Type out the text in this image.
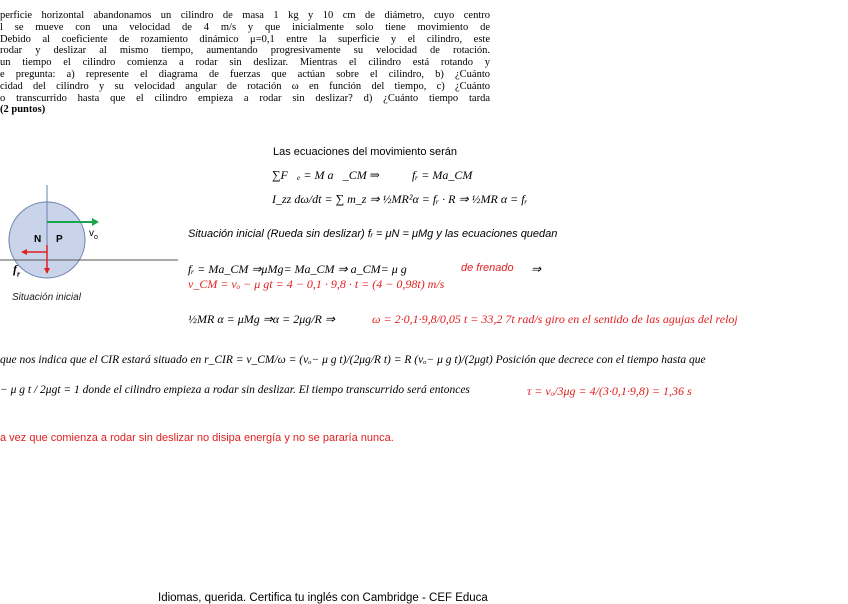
perficie horizontal abandonamos un cilindro de masa 1 kg y 10 cm de diámetro, cuyo centro
l se mueve con una velocidad de 4 m/s y que inicialmente solo tiene movimiento de
Debido al coeficiente de rozamiento dinámico μ=0,1 entre la superficie y el cilindro, este
rodar y deslizar al mismo tiempo, aumentando progresivamente su velocidad de rotación.
un tiempo el cilindro comienza a rodar sin deslizar. Mientras el cilindro está rotando y
e pregunta: a) represente el diagrama de fuerzas que actúan sobre el cilindro, b) ¿Cuánto
cidad del cilindro y su velocidad angular de rotación ω en función del tiempo, c) ¿Cuánto
o transcurrido hasta que el cilindro empieza a rodar sin deslizar? d) ¿Cuánto tiempo tarda
(2 puntos)
N P
$v_o$
$f_r$
Situación inicial
Las ecuaciones del movimiento serán
∑F⃗ₑ = M a⃗_CM ⇒	fᵣ = Ma_CM
I_zz dω/dt = ∑ m_z ⇒ ½MR²α = fᵣ · R ⇒ ½MR α = fᵣ
Situación inicial (Rueda sin deslizar) fᵣ = μN = μMg y las ecuaciones quedan
fᵣ = Ma_CM ⇒μMg= Ma_CM ⇒ a_CM= μ g	de frenado ⇒
v_CM = vₒ − μ gt = 4 − 0,1 · 9,8 · t = (4 − 0,98t) m/s
½MR α = μMg ⇒α = 2μg/R ⇒	ω = 2·0,1·9,8/0,05 t = 33,2 7t rad/s giro en el sentido de las agujas del reloj
que nos indica que el CIR estará situado en r_CIR = v_CM/ω = (vₒ− μ g t)/(2μg/R t) = R (vₒ− μ g t)/(2μgt) Posición que decrece con el tiempo hasta que
− μ g t / 2μgt = 1 donde el cilindro empieza a rodar sin deslizar. El tiempo transcurrido será entonces	τ = vₒ/3μg = 4/(3·0,1·9,8) = 1,36 s
a vez que comienza a rodar sin deslizar no disipa energía y no se pararía nunca.
Idiomas, querida. Certifica tu inglés con Cambridge - CEF Educa
